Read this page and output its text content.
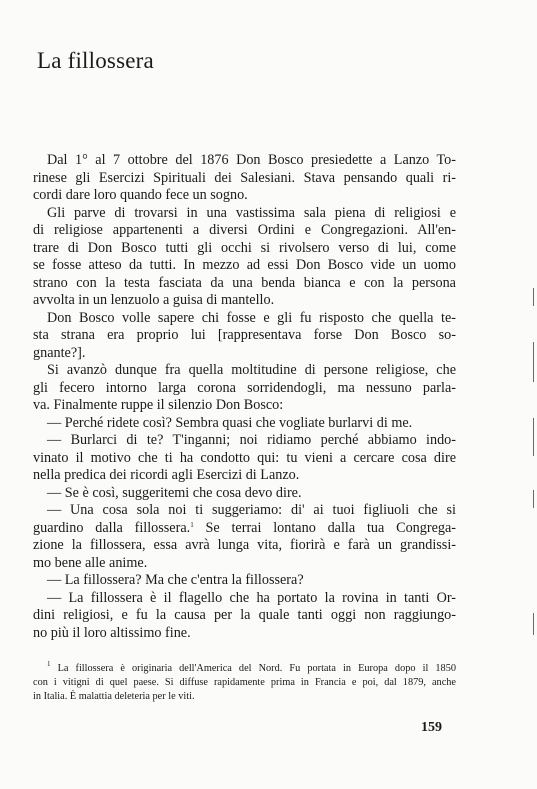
La fillossera
Dal 1° al 7 ottobre del 1876 Don Bosco presiedette a Lanzo To-
rinese gli Esercizi Spirituali dei Salesiani. Stava pensando quali ri-
cordi dare loro quando fece un sogno.
Gli parve di trovarsi in una vastissima sala piena di religiosi e
di religiose appartenenti a diversi Ordini e Congregazioni. All'en-
trare di Don Bosco tutti gli occhi si rivolsero verso di lui, come
se fosse atteso da tutti. In mezzo ad essi Don Bosco vide un uomo
strano con la testa fasciata da una benda bianca e con la persona
avvolta in un lenzuolo a guisa di mantello.
Don Bosco volle sapere chi fosse e gli fu risposto che quella te-
sta strana era proprio lui [rappresentava forse Don Bosco so-
gnante?].
Si avanzò dunque fra quella moltitudine di persone religiose, che
gli fecero intorno larga corona sorridendogli, ma nessuno parla-
va. Finalmente ruppe il silenzio Don Bosco:
— Perché ridete così? Sembra quasi che vogliate burlarvi di me.
— Burlarci di te? T'inganni; noi ridiamo perché abbiamo indo-
vinato il motivo che ti ha condotto qui: tu vieni a cercare cosa dire
nella predica dei ricordi agli Esercizi di Lanzo.
— Se è così, suggeritemi che cosa devo dire.
— Una cosa sola noi ti suggeriamo: di' ai tuoi figliuoli che si
guardino dalla fillossera.$^1$ Se terrai lontano dalla tua Congrega-
zione la fillossera, essa avrà lunga vita, fiorirà e farà un grandissi-
mo bene alle anime.
— La fillossera? Ma che c'entra la fillossera?
— La fillossera è il flagello che ha portato la rovina in tanti Or-
dini religiosi, e fu la causa per la quale tanti oggi non raggiungo-
no più il loro altissimo fine.
$^1$ La fillossera è originaria dell'America del Nord. Fu portata in Europa dopo il 1850
con i vitigni di quel paese. Si diffuse rapidamente prima in Francia e poi, dal 1879, anche
in Italia. È malattia deleteria per le viti.
159
